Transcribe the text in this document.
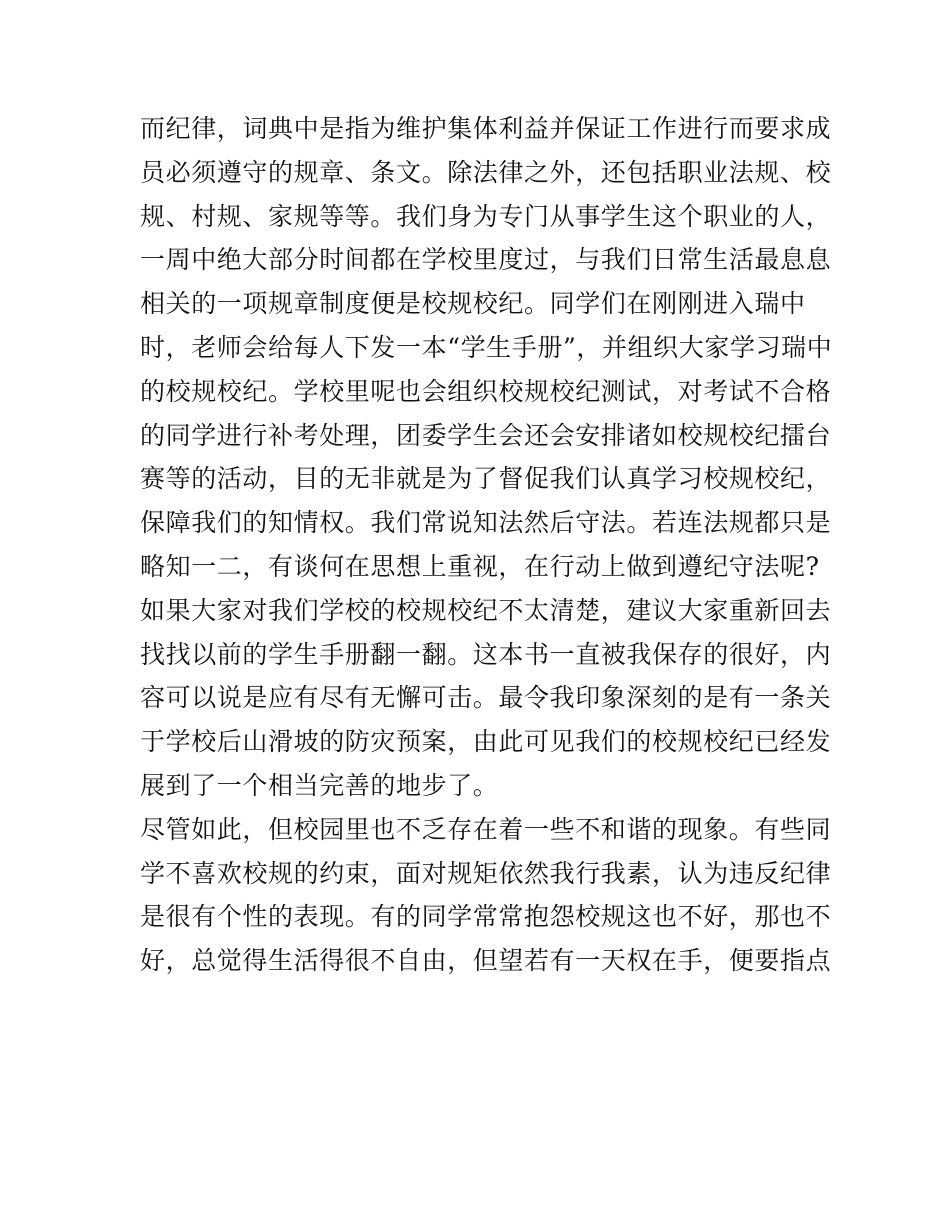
而纪律，词典中是指为维护集体利益并保证工作进行而要求成
员必须遵守的规章、条文。除法律之外，还包括职业法规、校
规、村规、家规等等。我们身为专门从事学生这个职业的人，
一周中绝大部分时间都在学校里度过，与我们日常生活最息息
相关的一项规章制度便是校规校纪。同学们在刚刚进入瑞中
时，老师会给每人下发一本“学生手册”，并组织大家学习瑞中
的校规校纪。学校里呢也会组织校规校纪测试，对考试不合格
的同学进行补考处理，团委学生会还会安排诸如校规校纪擂台
赛等的活动，目的无非就是为了督促我们认真学习校规校纪，
保障我们的知情权。我们常说知法然后守法。若连法规都只是
略知一二，有谈何在思想上重视，在行动上做到遵纪守法呢?
如果大家对我们学校的校规校纪不太清楚，建议大家重新回去
找找以前的学生手册翻一翻。这本书一直被我保存的很好，内
容可以说是应有尽有无懈可击。最令我印象深刻的是有一条关
于学校后山滑坡的防灾预案，由此可见我们的校规校纪已经发
展到了一个相当完善的地步了。
尽管如此，但校园里也不乏存在着一些不和谐的现象。有些同
学不喜欢校规的约束，面对规矩依然我行我素，认为违反纪律
是很有个性的表现。有的同学常常抱怨校规这也不好，那也不
好，总觉得生活得很不自由，但望若有一天权在手，便要指点
